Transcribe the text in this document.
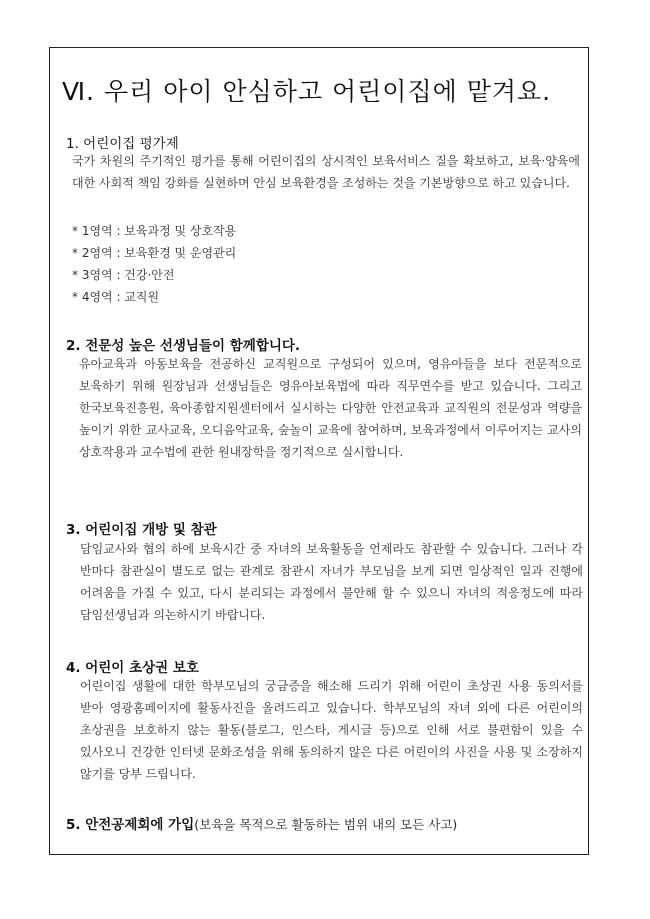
Ⅵ. 우리 아이 안심하고 어린이집에 맡겨요.
1. 어린이집 평가제

국가 차원의 주기적인 평가를 통해 어린이집의 상시적인 보육서비스 질을 확보하고, 보육·양육에 대한 사회적 책임 강화를 실현하며 안심 보육환경을 조성하는 것을 기본방향으로 하고 있습니다.

* 1영역 : 보육과정 및 상호작용
* 2영역 : 보육환경 및 운영관리
* 3영역 : 건강·안전
* 4영역 : 교직원
2. 전문성 높은 선생님들이 함께합니다.

유아교육과 아동보육을 전공하신 교직원으로 구성되어 있으며, 영유아들을 보다 전문적으로 보육하기 위해 원장님과 선생님들은 영유아보육법에 따라 직무연수를 받고 있습니다. 그리고 한국보육진흥원, 육아종합지원센터에서 실시하는 다양한 안전교육과 교직원의 전문성과 역량을 높이기 위한 교사교육, 오디음악교육, 숲놀이 교육에 참여하며, 보육과정에서 이루어지는 교사의 상호작용과 교수법에 관한 원내장학을 정기적으로 실시합니다.

3. 어린이집 개방 및 참관

담임교사와 협의 하에 보육시간 중 자녀의 보육활동을 언제라도 참관할 수 있습니다. 그러나 각 반마다 참관실이 별도로 없는 관계로 참관시 자녀가 부모님을 보게 되면 일상적인 일과 진행에 어려움을 가질 수 있고, 다시 분리되는 과정에서 불안해 할 수 있으니 자녀의 적응정도에 따라 담임선생님과 의논하시기 바랍니다.

4. 어린이 초상권 보호

어린이집 생활에 대한 학부모님의 궁금증을 해소해 드리기 위해 어린이 초상권 사용 동의서를 받아 영광홈페이지에 활동사진을 올려드리고 있습니다. 학부모님의 자녀 외에 다른 어린이의 초상권을 보호하지 않는 활동(블로그, 인스타, 게시글 등)으로 인해 서로 불편함이 있을 수 있사오니 건강한 인터넷 문화조성을 위해 동의하지 않은 다른 어린이의 사진을 사용 및 소장하지 않기를 당부 드립니다.

5. 안전공제회에 가입(보육을 목적으로 활동하는 범위 내의 모든 사고)
